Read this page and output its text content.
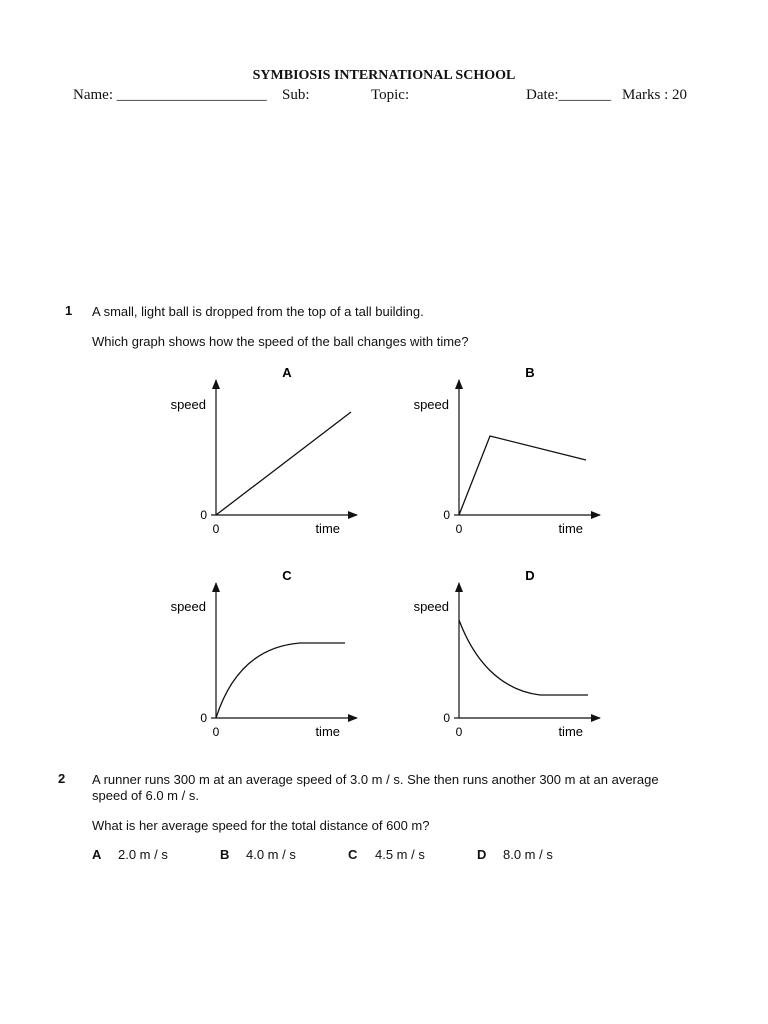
SYMBIOSIS INTERNATIONAL SCHOOL
Name: ____________________ Sub:	Topic:	Date:_______ Marks : 20
1 A small, light ball is dropped from the top of a tall building.
Which graph shows how the speed of the ball changes with time?
A
speed
time
0
0
B
speed
time
0
0
C
speed
time
0
0
D
speed
time
0
0
2 A runner runs 300 m at an average speed of 3.0 m / s. She then runs another 300 m at an average
speed of 6.0 m / s.
What is her average speed for the total distance of 600 m?
A 2.0 m / s	B 4.0 m / s	C 4.5 m / s	D 8.0 m / s
